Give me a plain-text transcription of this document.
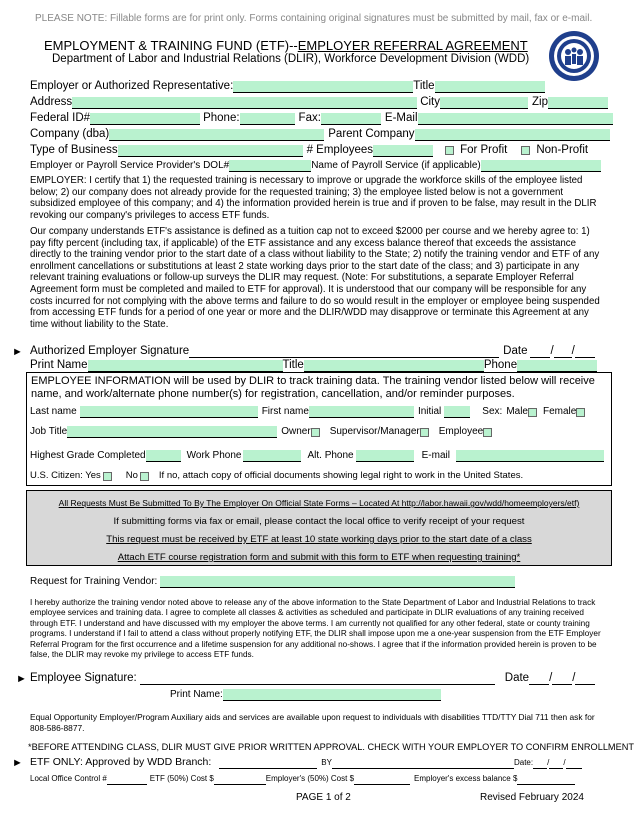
PLEASE NOTE: Fillable forms are for print only. Forms containing original signatures must be submitted by mail, fax or e-mail.
EMPLOYMENT & TRAINING FUND (ETF)--EMPLOYER REFERRAL AGREEMENT
Department of Labor and Industrial Relations (DLIR), Workforce Development Division (WDD)
Employer or Authorized Representative:	Title
Address	City	Zip
Federal ID#	Phone:	Fax:	E-Mail
Company (dba)	Parent Company
Type of Business	# Employees	For Profit	Non-Profit
Employer or Payroll Service Provider's DOL#	Name of Payroll Service (if applicable)
EMPLOYER: I certify that 1) the requested training is necessary to improve or upgrade the workforce skills of the employee listed below; 2) our company does not already provide for the requested training; 3) the employee listed below is not a government subsidized employee of this company; and 4) the information provided herein is true and if proven to be false, may result in the DLIR revoking our company's privileges to access ETF funds.
Our company understands ETF's assistance is defined as a tuition cap not to exceed $2000 per course and we hereby agree to: 1) pay fifty percent (including tax, if applicable) of the ETF assistance and any excess balance thereof that exceeds the assistance directly to the training vendor prior to the start date of a class without liability to the State; 2) notify the training vendor and ETF of any enrollment cancellations or substitutions at least 2 state working days prior to the start date of the class; and 3) participate in any relevant training evaluations or follow-up surveys the DLIR may request. (Note: For substitutions, a separate Employer Referral Agreement form must be completed and mailed to ETF for approval). It is understood that our company will be responsible for any costs incurred for not complying with the above terms and failure to do so would result in the employer or employee being suspended from accessing ETF funds for a period of one year or more and the DLIR/WDD may disapprove or terminate this Agreement at any time without liability to the State.
► Authorized Employer Signature	Date / /
Print Name	Title	Phone
EMPLOYEE INFORMATION will be used by DLIR to track training data. The training vendor listed below will receive name, and work/alternate phone number(s) for registration, cancellation, and/or reminder purposes.
Last name	First name	Initial	Sex: Male Female
Job Title	Owner Supervisor/Manager Employee
Highest Grade Completed	Work Phone	Alt. Phone	E-mail
U.S. Citizen: Yes	No If no, attach copy of official documents showing legal right to work in the United States.
All Requests Must Be Submitted To By The Employer On Official State Forms – Located At http://labor.hawaii.gov/wdd/homeemployers/etf)
If submitting forms via fax or email, please contact the local office to verify receipt of your request
This request must be received by ETF at least 10 state working days prior to the start date of a class
Attach ETF course registration form and submit with this form to ETF when requesting training*
Request for Training Vendor:
I hereby authorize the training vendor noted above to release any of the above information to the State Department of Labor and Industrial Relations to track employee services and training data. I agree to complete all classes & activities as scheduled and participate in DLIR evaluations of any training received through ETF. I understand and have discussed with my employer the above terms. I am currently not qualified for any other federal, state or county training programs. I understand if I fail to attend a class without properly notifying ETF, the DLIR shall impose upon me a one-year suspension from the ETF Employer Referral Program for the first occurrence and a lifetime suspension for any additional no-shows. I agree that if the information provided herein is proven to be false, the DLIR may revoke my privilege to access ETF funds.
► Employee Signature:	Date / /
Print Name:
Equal Opportunity Employer/Program Auxiliary aids and services are available upon request to individuals with disabilities TTD/TTY Dial 711 then ask for 808-586-8877.
*BEFORE ATTENDING CLASS, DLIR MUST GIVE PRIOR WRITTEN APPROVAL. CHECK WITH YOUR EMPLOYER TO CONFIRM ENROLLMENT
► ETF ONLY: Approved by WDD Branch:	BY	Date: / /
Local Office Control #	ETF (50%) Cost $	Employer's (50%) Cost $	Employer's excess balance $
PAGE 1 of 2	Revised February 2024
